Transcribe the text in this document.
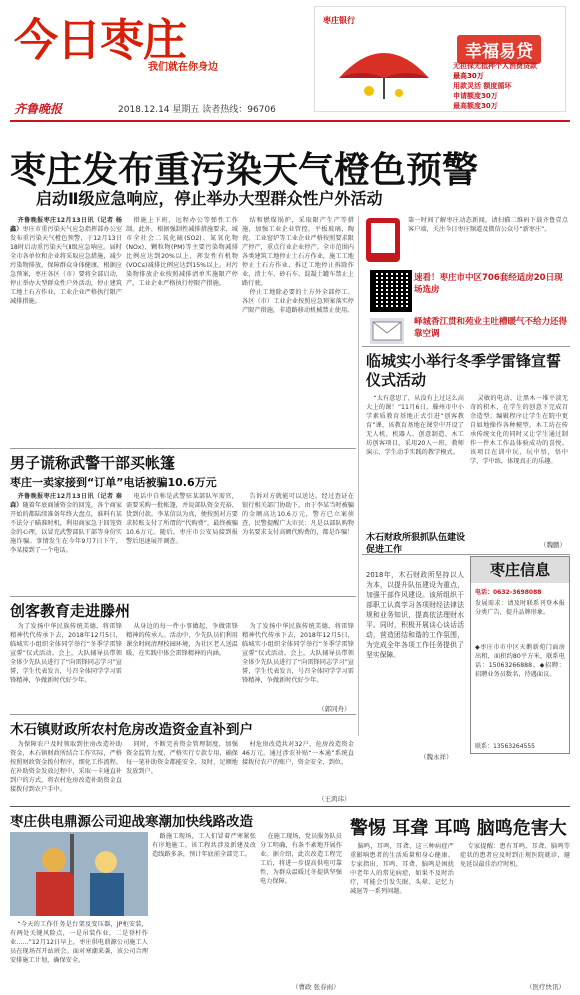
今日枣庄
我们就在你身边
齐鲁晚报	2018.12.14 星期五 读者热线：96706
枣庄银行
幸福易贷
无担保无抵押个人消费贷款
最高30万
用款灵活 额度循环
申请额度30万
最高额度30万
枣庄发布重污染天气橙色预警
启动Ⅱ级应急响应，停止举办大型群众性户外活动

齐鲁晚报枣庄12月13日讯（记者 杨鑫）枣庄市重污染天气应急指挥部办公室发布重污染天气橙色预警，于12月13日18时启动重污染天气Ⅱ级应急响应。届时全市各单位和企业将采取应急措施，减少污染物排放，保障群众身体健康。根据应急预案，枣庄各区（市）要将全部启动，停止举办大型群众性户外活动，停止建筑工地土石方作业，工业企业严格执行限产减排措施。

措施上下班，远程办公等弹性工作制。此外，根据强制性减排措施要求，城市全社会二氧化硫(SO2)、氮氧化物(NOx)、颗粒物(PM)等主要污染物减排比例应达到20%以上，挥发性有机物(VOCs)减排比例应达到15%以上。对污染物排放企业按照减排清单实施限产停产，工业企业严格执行停限产措施。

结和燃煤锅炉，采取限产生产等措施，加强工业企业管控。平板玻璃、陶瓷、工业窑炉等工业企业严格按照要求限产停产，重点行业企业停产。全市范围内各类建筑工地停止土石方作业，施工工地停止土石方作业、拆迁工地停止拆除作业，渣土车、砂石车、混凝土罐车禁止上路行驶。

停止工地除必要的土方外全部停工。各区（市）工业企业按照应急预案落实停产限产措施，非道路移动机械禁止使用。

第一时间了解枣庄动态新闻，请扫描二维码下载齐鲁壹点客户端，关注今日枣庄频道及微信公众号“新枣庄”。
速看！枣庄市中区706套经适房20日现场选房
峄城香江贯和苑业主吐槽暖气不给力还得靠空调
临城实小举行冬季学雷锋宣誓仪式活动

“太有意思了，从没有上过这么高大上的课！”11月6日，滕州市中小学素质教育基地正式引进“创客教育”课，该教育基地在课堂中开设了无人机、机器人、创意制造、木工坊创客项目，采用20人一班，教师演示、学生动手实践的教学模式。

灵敏的电动、让黑木一堆平淡无奇的积木，在学生的创意下完成百余造型；编辑程序让学生在院中更自如地操作各种模型。木工坊在传承传统文化的同时又让学生通过制作一件木工作品体验成功的喜悦。该项目在训中玩、玩中悟，悟中学，学中练，体现真正的乐趣。

（魏鹏）
男子谎称武警干部买帐篷
枣庄一卖家接到“订单”电话被骗10.6万元

齐鲁晚报枣庄12月13日讯（记者 秦森）随着年底商铺资金的回笼，各个商家开始的都陆续准备年终大盘点，谁料有某不法分子瞄准时机，利用商家急于回笼资金的心理，以冒充武警部队干部等身份实施诈骗。事情发生在今年9月7日下午，李某接到了一个电话。

电话中自称是武警驻某部队军需官，需要采购一批帐篷，并说部队资金充裕，货到付款。李某信以为真，便按照对方要求转账支付了所谓的“代购费”，最终被骗10.6万元。随后，枣庄市公安局接到报警后迅速展开调查。

告诉对方就能可以送达。经过查证在银行相关部门协助下，由于李某当时被骗的金额高达10.6万元，警方已立案侦查，民警提醒广大市民：凡是以部队购物为名要求支付高额代购费的，都是诈骗！

创客教育走进滕州

为了发扬中华民族传统美德，将雷锋精神代代传承下去，2018年12月5日，临城实小组织全体同学举行“冬季学雷锋宣誓”仪式活动。会上，大队辅导员带领全体少先队员进行了“向雷锋同志学习”宣誓，学生代表发言，号召全体同学学习雷锋精神，争做新时代好少年。

从身边的每一件小事做起，争做雷锋精神的传承人。活动中，少先队员们利用课余时间清理校园环境，为社区老人送温暖，在实践中体会雷锋精神的内涵。

为了发扬中华民族传统美德，将雷锋精神代代传承下去，2018年12月5日，临城实小组织全体同学举行“冬季学雷锋宣誓”仪式活动。会上，大队辅导员带领全体少先队员进行了“向雷锋同志学习”宣誓，学生代表发言，号召全体同学学习雷锋精神，争做新时代好少年。

（郭同舟）
木石镇财政所农村危房改造资金直补到户

为保障农户及时领取到住房改造补助资金，木石镇财政所结合工作实际，严格按照财政资金拨付程序，细化工作流程。在补助资金发放过程中，采取一卡通直补到户的方式，将农村危房改造补助资金直接拨付到农户手中。

同时，不断完善资金管理制度，加强资金监管力度，严格实行专款专用，确保每一笔补助资金都能安全、及时、足额地发放到户。

村危房改造共对32户，危房改造资金46万元。通过涉农补贴“一本通”系统直接拨付农户的账户，资金安全、到位。

（王鸿玮）
木石财政所狠抓队伍建设促进工作
2018年，木石财政所坚持以人为本，以提升队伍建设为重点，加强干部作风建设。该所组织干部职工认真学习各项财经法律法规和业务知识，提高依法理财水平。同时，积极开展谈心谈话活动，营造团结和谐的工作氛围，为完成全年各项工作任务提供了坚实保障。
（魏永祥）
枣庄信息
电话：0632-3698088
发展需求：请及时联系刊登本报分类广告，提升品牌形象。
◆枣庄市市中区天鹅新苑门面房出租，面积约80平方米，联系电话：15063266888。◆招聘：招聘业务员数名，待遇面议。
联系：13563264555
枣庄供电鼎源公司迎战寒潮加快线路改造

路施工现场，工人们冒着严寒紧张有序地施工。该工程共涉及新建及改造线路多条，预计年底前全部完工。

“今天的工作任务是台架及变压器，JP柜安装，有两处关键风险点，一是吊装作业，二是登杆作业……”12月12日早上，枣庄供电鼎源公司施工人员在现场召开站班会。面对寒潮来袭，该公司合理安排施工计划，确保安全。

在施工现场，党员服务队员分工明确，有条不紊地开展作业。据介绍，此次改造工程完工后，将进一步提高供电可靠性，为群众温暖过冬提供坚强电力保障。

（曹政 张春雨）
警惕 耳聋 耳鸣 脑鸣危害大

脑鸣，耳鸣，耳聋，这三种病症严重影响患者的生活质量和身心健康。专家指出，耳鸣、耳聋、脑鸣是困扰中老年人的常见病症，如果不及时治疗，可能会引发失眠、头晕、记忆力减退等一系列问题。

专家提醒：患有耳鸣、耳聋、脑鸣等症状的患者应及时到正规医院就诊，避免延误最佳治疗时机。

（医疗快讯）
